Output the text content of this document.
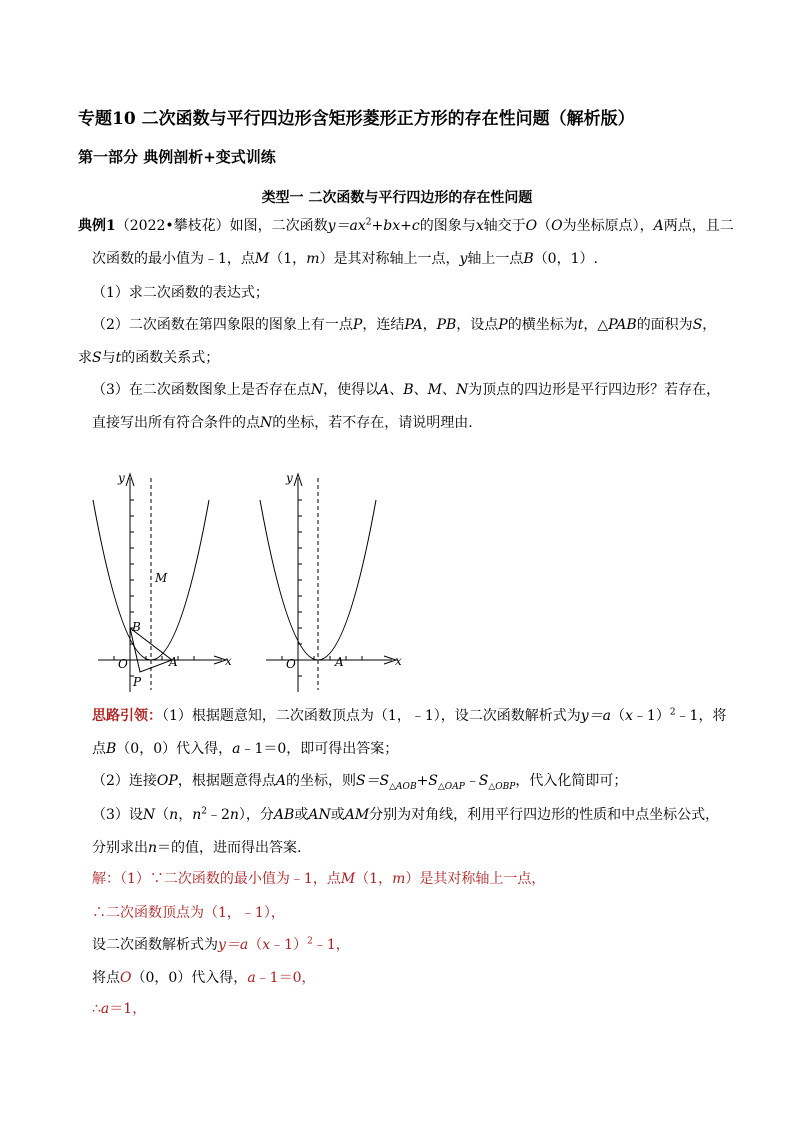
专题10 二次函数与平行四边形含矩形菱形正方形的存在性问题（解析版）
第一部分 典例剖析+变式训练
类型一 二次函数与平行四边形的存在性问题
典例1（2022•攀枝花）如图，二次函数$y=ax^2+bx+c$的图象与x轴交于O（O为坐标原点），A两点，且二
次函数的最小值为﹣1，点M（1，m）是其对称轴上一点，y轴上一点B（0，1）.
（1）求二次函数的表达式；
（2）二次函数在第四象限的图象上有一点P，连结PA，PB，设点P的横坐标为t，△PAB的面积为S，
求S与t的函数关系式；
（3）在二次函数图象上是否存在点N，使得以A、B、M、N为顶点的四边形是平行四边形？若存在，
直接写出所有符合条件的点N的坐标，若不存在，请说明理由.
y
x
M
B
O	A
P
y
x
O	A
思路引领：（1）根据题意知，二次函数顶点为（1，﹣1），设二次函数解析式为y＝a（x﹣1）$^2$﹣1，将
点B（0，0）代入得，a﹣1＝0，即可得出答案；
（2）连接OP，根据题意得点A的坐标，则$S=S_{\triangle AOB}+S_{\triangle OAP}﹣S_{\triangle OBP}$，代入化简即可；
（3）设N（n，$n^2﹣2n$），分AB或AN或AM分别为对角线，利用平行四边形的性质和中点坐标公式，
分别求出n＝的值，进而得出答案.
解：（1）∵二次函数的最小值为﹣1，点M（1，m）是其对称轴上一点，
∴二次函数顶点为（1，﹣1），
设二次函数解析式为y＝a（x﹣1）$^2$﹣1，
将点O（0，0）代入得，a﹣1＝0，
∴a＝1，
